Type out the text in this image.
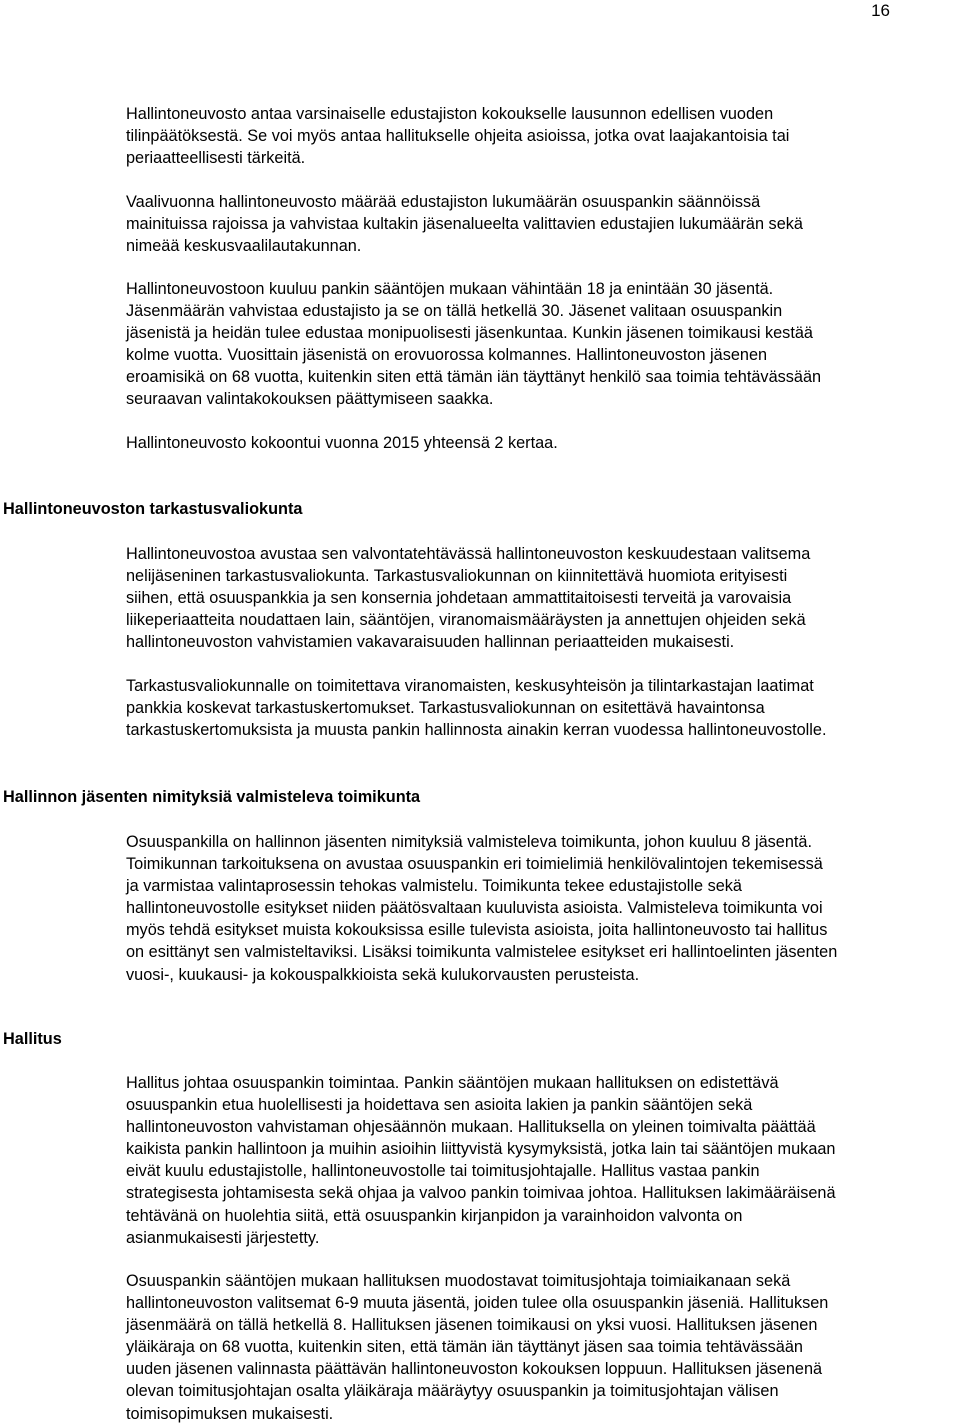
16
Hallintoneuvosto antaa varsinaiselle edustajiston kokoukselle lausunnon edellisen vuoden
tilinpäätöksestä. Se voi myös antaa hallitukselle ohjeita asioissa, jotka ovat laajakantoisia tai
periaatteellisesti tärkeitä.
Vaalivuonna hallintoneuvosto määrää edustajiston lukumäärän osuuspankin säännöissä
mainituissa rajoissa ja vahvistaa kultakin jäsenalueelta valittavien edustajien lukumäärän sekä
nimeää keskusvaalilautakunnan.
Hallintoneuvostoon kuuluu pankin sääntöjen mukaan vähintään 18 ja enintään 30 jäsentä.
Jäsenmäärän vahvistaa edustajisto ja se on tällä hetkellä 30. Jäsenet valitaan osuuspankin
jäsenistä ja heidän tulee edustaa monipuolisesti jäsenkuntaa. Kunkin jäsenen toimikausi kestää
kolme vuotta. Vuosittain jäsenistä on erovuorossa kolmannes. Hallintoneuvoston jäsenen
eroamisikä on 68 vuotta, kuitenkin siten että tämän iän täyttänyt henkilö saa toimia tehtävässään
seuraavan valintakokouksen päättymiseen saakka.
Hallintoneuvosto kokoontui vuonna 2015 yhteensä 2 kertaa.
Hallintoneuvoston tarkastusvaliokunta
Hallintoneuvostoa avustaa sen valvontatehtävässä hallintoneuvoston keskuudestaan valitsema
nelijäseninen tarkastusvaliokunta. Tarkastusvaliokunnan on kiinnitettävä huomiota erityisesti
siihen, että osuuspankkia ja sen konsernia johdetaan ammattitaitoisesti terveitä ja varovaisia
liikeperiaatteita noudattaen lain, sääntöjen, viranomaismääräysten ja annettujen ohjeiden sekä
hallintoneuvoston vahvistamien vakavaraisuuden hallinnan periaatteiden mukaisesti.
Tarkastusvaliokunnalle on toimitettava viranomaisten, keskusyhteisön ja tilintarkastajan laatimat
pankkia koskevat tarkastuskertomukset. Tarkastusvaliokunnan on esitettävä havaintonsa
tarkastuskertomuksista ja muusta pankin hallinnosta ainakin kerran vuodessa hallintoneuvostolle.
Hallinnon jäsenten nimityksiä valmisteleva toimikunta
Osuuspankilla on hallinnon jäsenten nimityksiä valmisteleva toimikunta, johon kuuluu 8 jäsentä.
Toimikunnan tarkoituksena on avustaa osuuspankin eri toimielimiä henkilövalintojen tekemisessä
ja varmistaa valintaprosessin tehokas valmistelu. Toimikunta tekee edustajistolle sekä
hallintoneuvostolle esitykset niiden päätösvaltaan kuuluvista asioista. Valmisteleva toimikunta voi
myös tehdä esitykset muista kokouksissa esille tulevista asioista, joita hallintoneuvosto tai hallitus
on esittänyt sen valmisteltaviksi. Lisäksi toimikunta valmistelee esitykset eri hallintoelinten jäsenten
vuosi-, kuukausi- ja kokouspalkkioista sekä kulukorvausten perusteista.
Hallitus
Hallitus johtaa osuuspankin toimintaa. Pankin sääntöjen mukaan hallituksen on edistettävä
osuuspankin etua huolellisesti ja hoidettava sen asioita lakien ja pankin sääntöjen sekä
hallintoneuvoston vahvistaman ohjesäännön mukaan. Hallituksella on yleinen toimivalta päättää
kaikista pankin hallintoon ja muihin asioihin liittyvistä kysymyksistä, jotka lain tai sääntöjen mukaan
eivät kuulu edustajistolle, hallintoneuvostolle tai toimitusjohtajalle. Hallitus vastaa pankin
strategisesta johtamisesta sekä ohjaa ja valvoo pankin toimivaa johtoa. Hallituksen lakimääräisenä
tehtävänä on huolehtia siitä, että osuuspankin kirjanpidon ja varainhoidon valvonta on
asianmukaisesti järjestetty.
Osuuspankin sääntöjen mukaan hallituksen muodostavat toimitusjohtaja toimiaikanaan sekä
hallintoneuvoston valitsemat 6-9 muuta jäsentä, joiden tulee olla osuuspankin jäseniä. Hallituksen
jäsenmäärä on tällä hetkellä 8. Hallituksen jäsenen toimikausi on yksi vuosi. Hallituksen jäsenen
yläikäraja on 68 vuotta, kuitenkin siten, että tämän iän täyttänyt jäsen saa toimia tehtävässään
uuden jäsenen valinnasta päättävän hallintoneuvoston kokouksen loppuun. Hallituksen jäsenenä
olevan toimitusjohtajan osalta yläikäraja määräytyy osuuspankin ja toimitusjohtajan välisen
toimisopimuksen mukaisesti.
